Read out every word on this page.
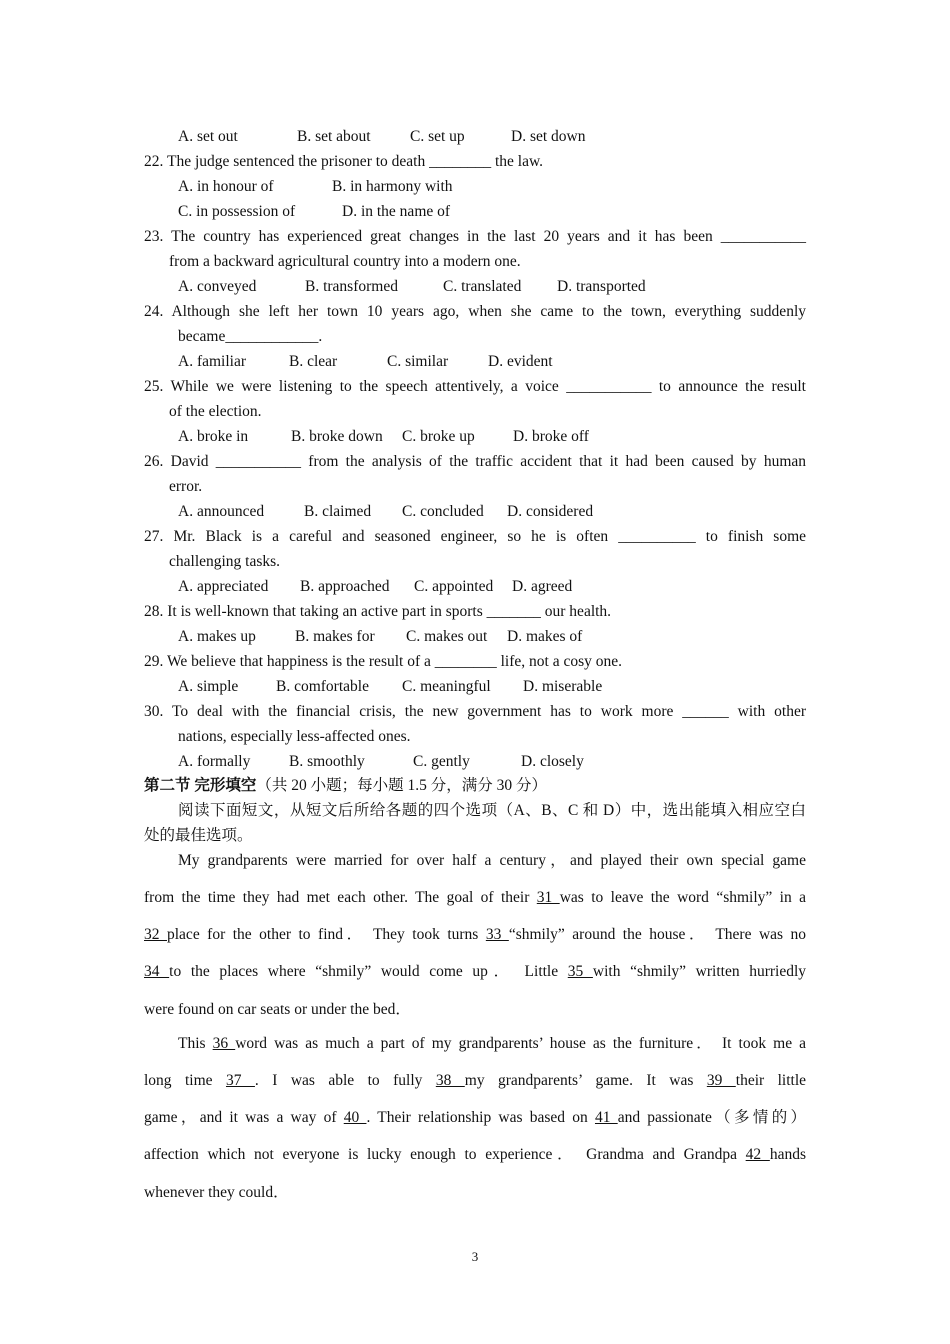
A. set out	B. set about	C. set up	D. set down
22. The judge sentenced the prisoner to death ________ the law.
A. in honour of	B. in harmony with
C. in possession of	D. in the name of
23. The country has experienced great changes in the last 20 years and it has been ___________
from a backward agricultural country into a modern one.
A. conveyed	B. transformed	C. translated D. transported
24. Although she left her town 10 years ago, when she came to the town, everything suddenly
became____________.
A. familiar	B. clear	C. similar	D. evident
25. While we were listening to the speech attentively, a voice ___________ to announce the result
of the election.
A. broke in	B. broke down C. broke up D. broke off
26. David ___________ from the analysis of the traffic accident that it had been caused by human
error.
A. announced	B. claimed C. concluded D. considered
27. Mr. Black is a careful and seasoned engineer, so he is often __________ to finish some
challenging tasks.
A. appreciated B. approached C. appointed D. agreed
28. It is well-known that taking an active part in sports _______ our health.
A. makes up	B. makes for C. makes out D. makes of
29. We believe that happiness is the result of a ________ life, not a cosy one.
A. simple B. comfortable C. meaningful D. miserable
30. To deal with the financial crisis, the new government has to work more ______ with other
nations, especially less-affected ones.
A. formally B. smoothly	C. gently	D. closely
第二节 完形填空（共 20 小题；每小题 1.5 分，满分 30 分）
阅读下面短文，从短文后所给各题的四个选项（A、B、C 和 D）中，选出能填入相应空白
处的最佳选项。
My grandparents were married for over half a century，and played their own special game
from the time they had met each other. The goal of their 31 was to leave the word “shmily” in a
32 place for the other to find． They took turns 33 “shmily” around the house． There was no
34 to the places where “shmily” would come up． Little 35 with “shmily” written hurriedly
were found on car seats or under the bed．
This 36 word was as much a part of my grandparents’ house as the furniture． It took me a
long time 37 . I was able to fully 38 my grandparents’ game. It was 39 their little
game，and it was a way of 40 . Their relationship was based on 41 and passionate（多情的）
affection which not everyone is lucky enough to experience． Grandma and Grandpa 42 hands
whenever they could．
3
